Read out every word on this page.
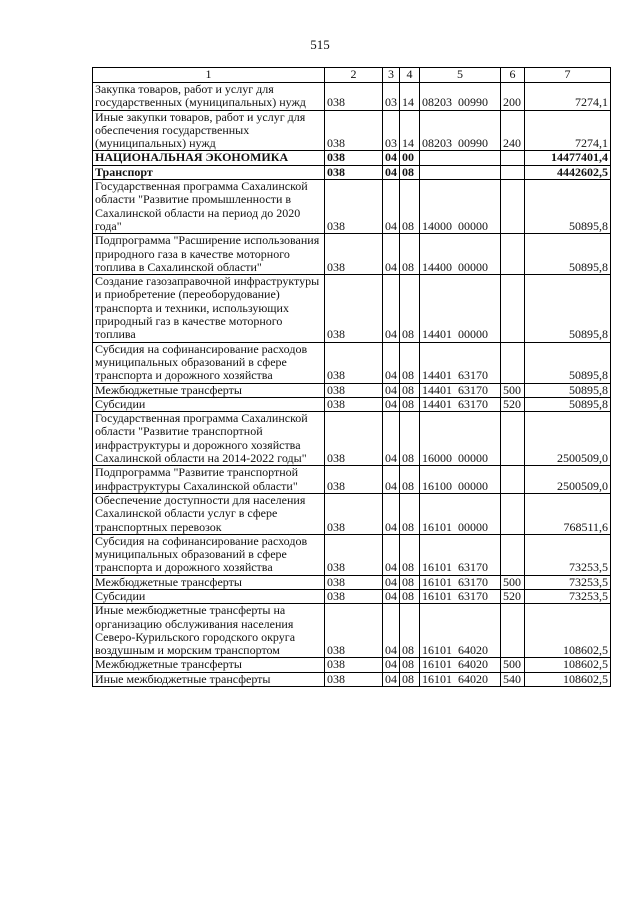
515
1	2	3	4	5	6	7
Закупка товаров, работ и услуг для государственных (муниципальных) нужд	038	03	14	08203  00990	200	7274,1
Иные закупки товаров, работ и услуг для обеспечения государственных (муниципальных) нужд	038	03	14	08203  00990	240	7274,1
НАЦИОНАЛЬНАЯ ЭКОНОМИКА	038	04	00			14477401,4
Транспорт	038	04	08			4442602,5
Государственная программа Сахалинской области "Развитие промышленности в Сахалинской области на период до 2020 года"	038	04	08	14000  00000		50895,8
Подпрограмма "Расширение использования природного газа в качестве моторного топлива в Сахалинской области"	038	04	08	14400  00000		50895,8
Создание газозаправочной инфраструктуры и приобретение (переоборудование) транспорта и техники, использующих природный газ в качестве моторного топлива	038	04	08	14401  00000		50895,8
Субсидия на софинансирование расходов муниципальных образований в сфере транспорта и дорожного хозяйства	038	04	08	14401  63170		50895,8
Межбюджетные трансферты	038	04	08	14401  63170	500	50895,8
Субсидии	038	04	08	14401  63170	520	50895,8
Государственная программа Сахалинской области "Развитие транспортной инфраструктуры и дорожного хозяйства Сахалинской области на 2014-2022 годы"	038	04	08	16000  00000		2500509,0
Подпрограмма "Развитие транспортной инфраструктуры Сахалинской области"	038	04	08	16100  00000		2500509,0
Обеспечение доступности для населения Сахалинской области услуг в сфере транспортных перевозок	038	04	08	16101  00000		768511,6
Субсидия на софинансирование расходов муниципальных образований в сфере транспорта и дорожного хозяйства	038	04	08	16101  63170		73253,5
Межбюджетные трансферты	038	04	08	16101  63170	500	73253,5
Субсидии	038	04	08	16101  63170	520	73253,5
Иные межбюджетные трансферты на организацию обслуживания населения Северо-Курильского городского округа воздушным и морским транспортом	038	04	08	16101  64020		108602,5
Межбюджетные трансферты	038	04	08	16101  64020	500	108602,5
Иные межбюджетные трансферты	038	04	08	16101  64020	540	108602,5
